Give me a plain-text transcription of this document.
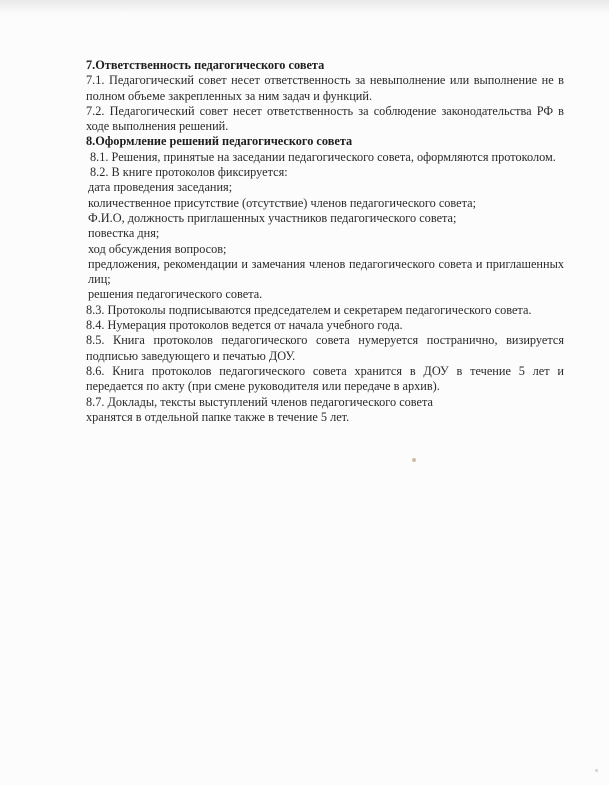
7.Ответственность педагогического совета

7.1. Педагогический совет несет ответственность за невыполнение или выполнение не в полном объеме закрепленных за ним задач и функций.

7.2. Педагогический совет несет ответственность за соблюдение законодательства РФ в ходе выполнения решений.

8.Оформление решений педагогического совета

8.1. Решения, принятые на заседании педагогического совета, оформляются протоколом.

8.2. В книге протоколов фиксируется:

дата проведения заседания;

количественное присутствие (отсутствие) членов педагогического совета;

Ф.И.О, должность приглашенных участников педагогического совета;

повестка дня;

ход обсуждения вопросов;

предложения, рекомендации и замечания членов педагогического совета и приглашенных лиц;

решения педагогического совета.

8.3. Протоколы подписываются председателем и секретарем педагогического совета.

8.4. Нумерация протоколов ведется от начала учебного года.

8.5. Книга протоколов педагогического совета нумеруется постранично, визируется подписью заведующего и печатью ДОУ.

8.6. Книга протоколов педагогического совета хранится в ДОУ в течение 5 лет и передается по акту (при смене руководителя или передаче в архив).

8.7. Доклады, тексты выступлений членов педагогического совета

хранятся в отдельной папке также в течение 5 лет.
